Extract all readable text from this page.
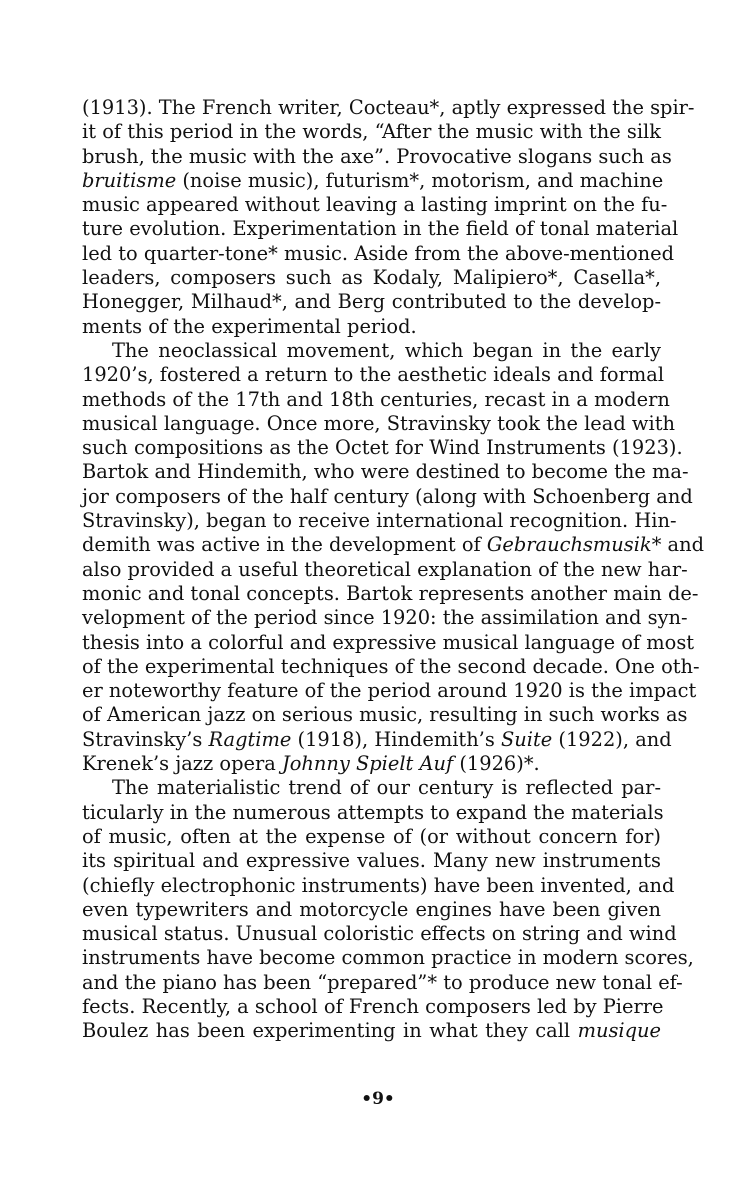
(1913). The French writer, Cocteau*, aptly expressed the spir-
it of this period in the words, “After the music with the silk
brush, the music with the axe”. Provocative slogans such as
bruitisme (noise music), futurism*, motorism, and machine
music appeared without leaving a lasting imprint on the fu-
ture evolution. Experimentation in the field of tonal material
led to quarter-tone* music. Aside from the above-mentioned
leaders, composers such as Kodaly, Malipiero*, Casella*,
Honegger, Milhaud*, and Berg contributed to the develop-
ments of the experimental period.
The neoclassical movement, which began in the early
1920’s, fostered a return to the aesthetic ideals and formal
methods of the 17th and 18th centuries, recast in a modern
musical language. Once more, Stravinsky took the lead with
such compositions as the Octet for Wind Instruments (1923).
Bartok and Hindemith, who were destined to become the ma-
jor composers of the half century (along with Schoenberg and
Stravinsky), began to receive international recognition. Hin-
demith was active in the development of Gebrauchsmusik* and
also provided a useful theoretical explanation of the new har-
monic and tonal concepts. Bartok represents another main de-
velopment of the period since 1920: the assimilation and syn-
thesis into a colorful and expressive musical language of most
of the experimental techniques of the second decade. One oth-
er noteworthy feature of the period around 1920 is the impact
of American jazz on serious music, resulting in such works as
Stravinsky’s Ragtime (1918), Hindemith’s Suite (1922), and
Krenek’s jazz opera Johnny Spielt Auf (1926)*.
The materialistic trend of our century is reflected par-
ticularly in the numerous attempts to expand the materials
of music, often at the expense of (or without concern for)
its spiritual and expressive values. Many new instruments
(chiefly electrophonic instruments) have been invented, and
even typewriters and motorcycle engines have been given
musical status. Unusual coloristic effects on string and wind
instruments have become common practice in modern scores,
and the piano has been “prepared”* to produce new tonal ef-
fects. Recently, a school of French composers led by Pierre
Boulez has been experimenting in what they call musique
•9•
